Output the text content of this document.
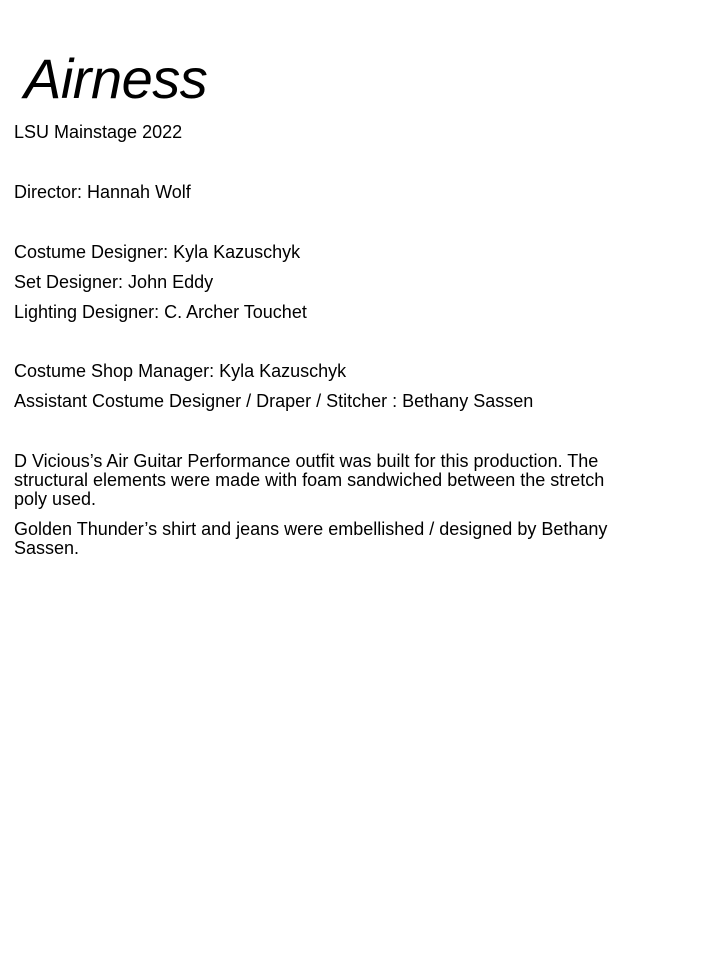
Airness

LSU Mainstage 2022

Director: Hannah Wolf

Costume Designer: Kyla Kazuschyk

Set Designer: John Eddy

Lighting Designer: C. Archer Touchet

Costume Shop Manager: Kyla Kazuschyk

Assistant Costume Designer / Draper / Stitcher : Bethany Sassen

D Vicious’s Air Guitar Performance outfit was built for this production. The structural elements were made with foam sandwiched between the stretch poly used.

Golden Thunder’s shirt and jeans were embellished / designed by Bethany Sassen.
